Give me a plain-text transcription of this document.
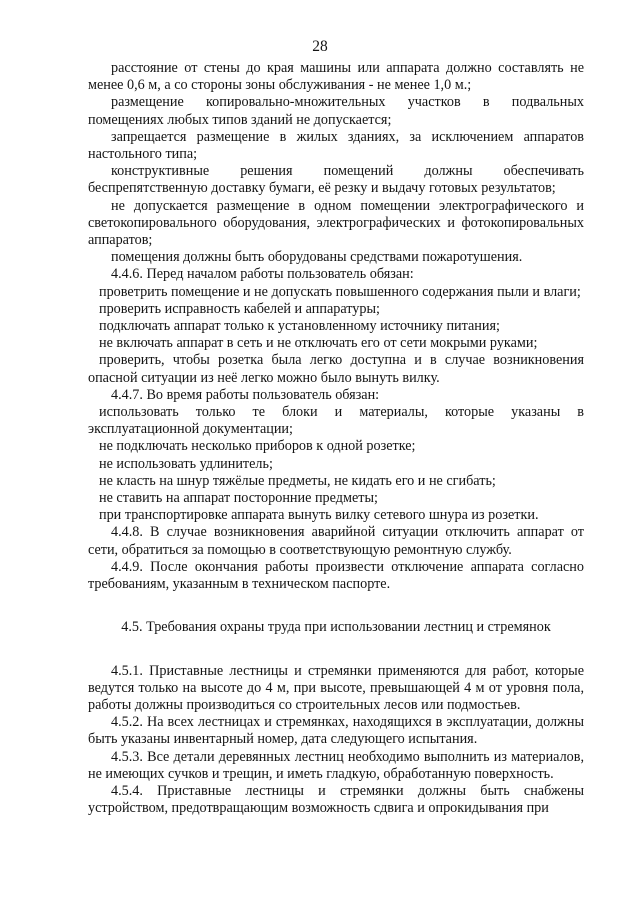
28

расстояние от стены до края машины или аппарата должно составлять не менее 0,6 м, а со стороны зоны обслуживания - не менее 1,0 м.;

размещение копировально-множительных участков в подвальных помещениях любых типов зданий не допускается;

запрещается размещение в жилых зданиях, за исключением аппаратов настольного типа;

конструктивные решения помещений должны обеспечивать беспрепятственную доставку бумаги, её резку и выдачу готовых результатов;

не допускается размещение в одном помещении электрографического и светокопировального оборудования, электрографических и фотокопировальных аппаратов;

помещения должны быть оборудованы средствами пожаротушения.

4.4.6. Перед началом работы пользователь обязан:

проветрить помещение и не допускать повышенного содержания пыли и влаги;

проверить исправность кабелей и аппаратуры;

подключать аппарат только к установленному источнику питания;

не включать аппарат в сеть и не отключать его от сети мокрыми руками;

проверить, чтобы розетка была легко доступна и в случае возникновения опасной ситуации из неё легко можно было вынуть вилку.

4.4.7. Во время работы пользователь обязан:

использовать только те блоки и материалы, которые указаны в эксплуатационной документации;

не подключать несколько приборов к одной розетке;

не использовать удлинитель;

не класть на шнур тяжёлые предметы, не кидать его и не сгибать;

не ставить на аппарат посторонние предметы;

при транспортировке аппарата вынуть вилку сетевого шнура из розетки.

4.4.8. В случае возникновения аварийной ситуации отключить аппарат от сети, обратиться за помощью в соответствующую ремонтную службу.

4.4.9. После окончания работы произвести отключение аппарата согласно требованиям, указанным в техническом паспорте.

4.5. Требования охраны труда при использовании лестниц и стремянок

4.5.1. Приставные лестницы и стремянки применяются для работ, которые ведутся только на высоте до 4 м, при высоте, превышающей 4 м от уровня пола, работы должны производиться со строительных лесов или подмостьев.

4.5.2. На всех лестницах и стремянках, находящихся в эксплуатации, должны быть указаны инвентарный номер, дата следующего испытания.

4.5.3. Все детали деревянных лестниц необходимо выполнить из материалов, не имеющих сучков и трещин, и иметь гладкую, обработанную поверхность.

4.5.4. Приставные лестницы и стремянки должны быть снабжены устройством, предотвращающим возможность сдвига и опрокидывания при
